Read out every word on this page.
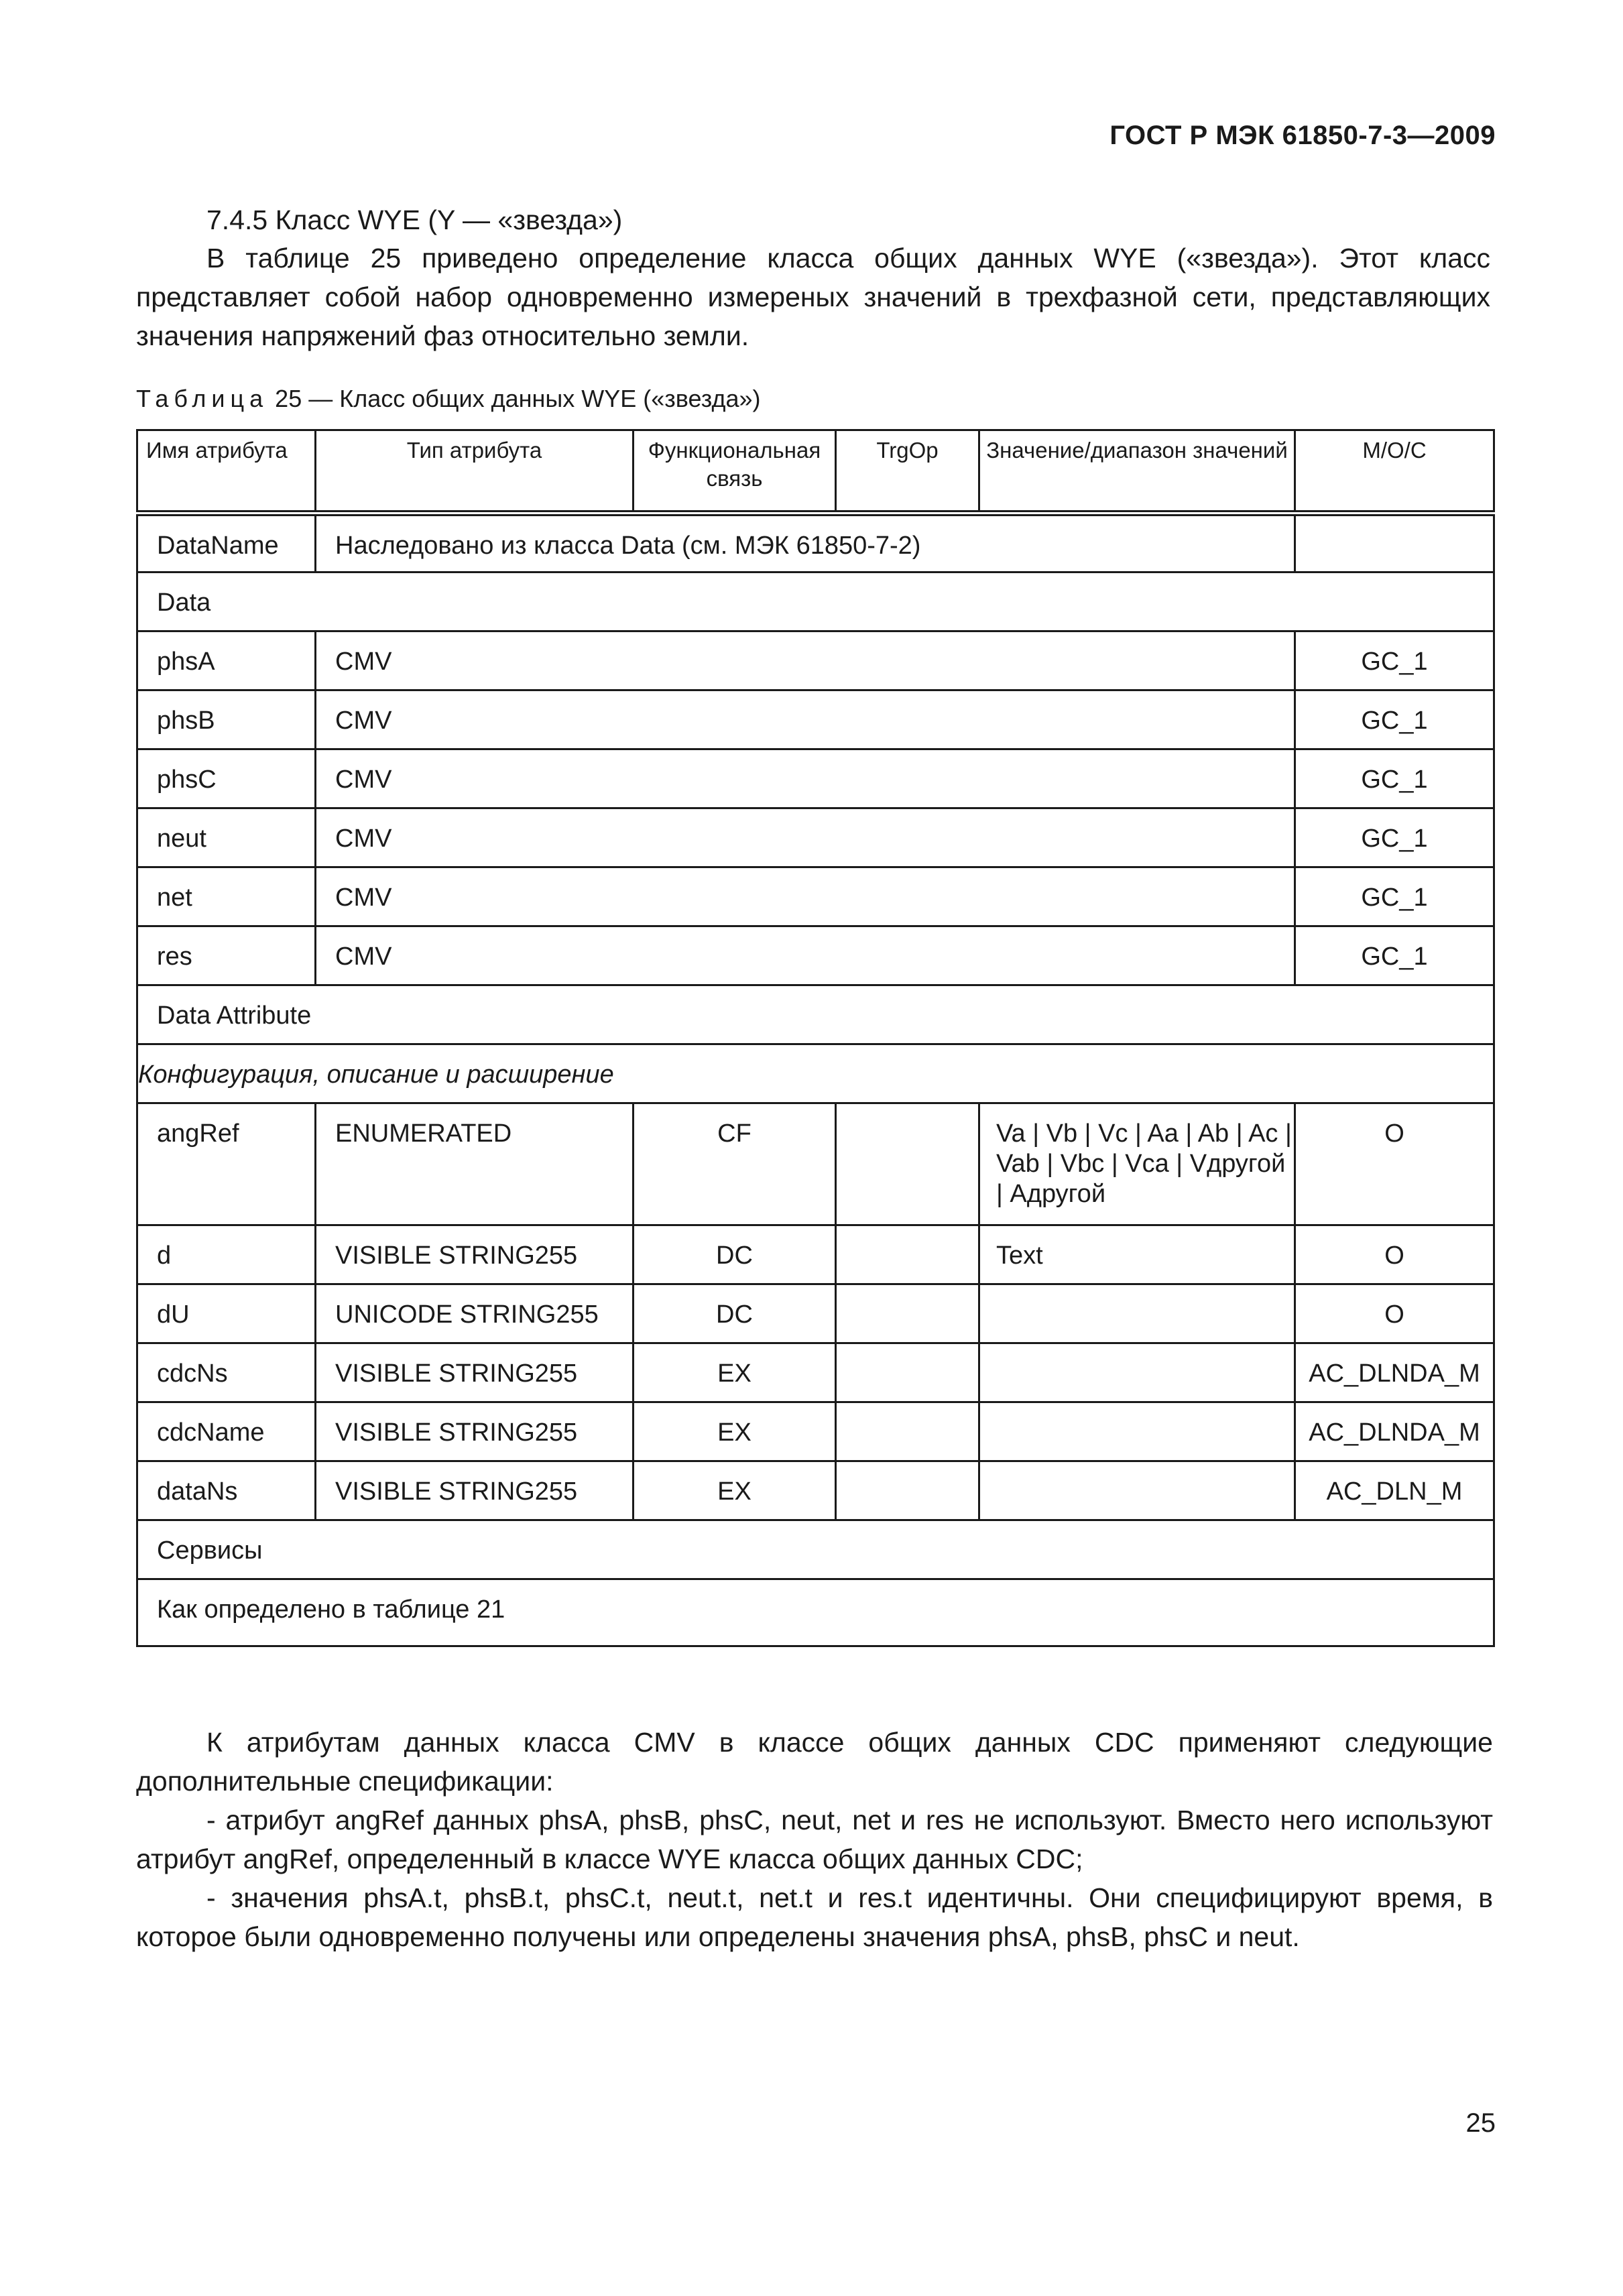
ГОСТ Р МЭК 61850-7-3—2009
7.4.5 Класс WYE (Y — «звезда»)

В таблице 25 приведено определение класса общих данных WYE («звезда»). Этот класс представляет собой набор одновременно измереных значений в трехфазной сети, представляющих значения напряжений фаз относительно земли.

Таблица 25 — Класс общих данных WYE («звезда»)
Имя атрибута	Тип атрибута	Функциональная связь	TrgOp	Значение/диапазон значений	М/О/С
DataName	Наследовано из класса Data (см. МЭК 61850-7-2)				
Data					
phsA	CMV				GC_1
phsB	CMV				GC_1
phsC	CMV				GC_1
neut	CMV				GC_1
net	CMV				GC_1
res	CMV				GC_1
Data Attribute					
Конфигурация, описание и расширение					
angRef	ENUMERATED	CF		Va | Vb | Vc | Aa | Ab | Ac | Vab | Vbc | Vca | Vдругой | Aдругой	O
d	VISIBLE STRING255	DC		Text	O
dU	UNICODE STRING255	DC			O
cdcNs	VISIBLE STRING255	EX			AC_DLNDA_M
cdcName	VISIBLE STRING255	EX			AC_DLNDA_M
dataNs	VISIBLE STRING255	EX			AC_DLN_M
Сервисы					
Как определено в таблице 21					

К атрибутам данных класса CMV в классе общих данных CDC применяют следующие дополнительные спецификации:

- атрибут angRef данных phsA, phsB, phsC, neut, net и res не используют. Вместо него используют атрибут angRef, определенный в классе WYE класса общих данных CDC;

- значения phsA.t, phsB.t, phsC.t, neut.t, net.t и res.t идентичны. Они специфицируют время, в которое были одновременно получены или определены значения phsA, phsB, phsC и neut.

25
